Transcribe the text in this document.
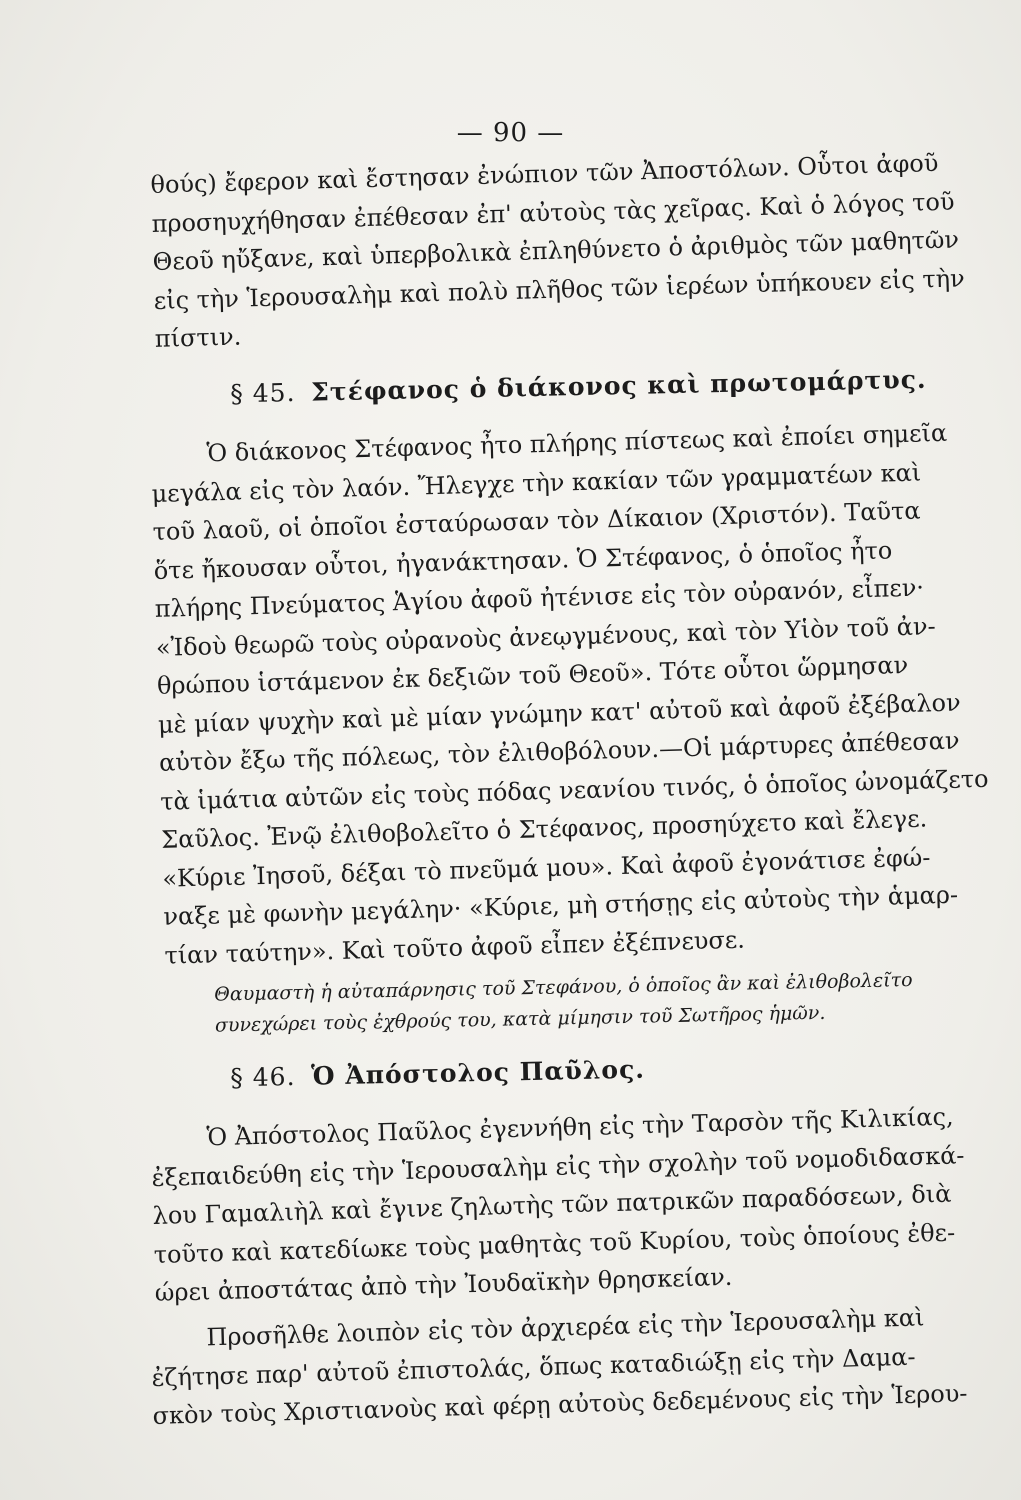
— 90 —

θούς) ἔφερον καὶ ἔστησαν ἐνώπιον τῶν Ἀποστόλων. Οὗτοι ἀφοῦ
προσηυχήθησαν ἐπέθεσαν ἐπ' αὐτοὺς τὰς χεῖρας. Καὶ ὁ λόγος τοῦ
Θεοῦ ηὔξανε, καὶ ὑπερβολικὰ ἐπληθύνετο ὁ ἀριθμὸς τῶν μαθητῶν
εἰς τὴν Ἱερουσαλὴμ καὶ πολὺ πλῆθος τῶν ἱερέων ὑπήκουεν εἰς τὴν
πίστιν.

§ 45. Στέφανος ὁ διάκονος καὶ πρωτομάρτυς.

Ὁ διάκονος Στέφανος ἦτο πλήρης πίστεως καὶ ἐποίει σημεῖα
μεγάλα εἰς τὸν λαόν. Ἤλεγχε τὴν κακίαν τῶν γραμματέων καὶ
τοῦ λαοῦ, οἱ ὁποῖοι ἐσταύρωσαν τὸν Δίκαιον (Χριστόν). Ταῦτα
ὅτε ἤκουσαν οὗτοι, ἠγανάκτησαν. Ὁ Στέφανος, ὁ ὁποῖος ἦτο
πλήρης Πνεύματος Ἁγίου ἀφοῦ ἠτένισε εἰς τὸν οὐρανόν, εἶπεν·
«Ἰδοὺ θεωρῶ τοὺς οὐρανοὺς ἀνεῳγμένους, καὶ τὸν Υἱὸν τοῦ ἀν-
θρώπου ἱστάμενον ἐκ δεξιῶν τοῦ Θεοῦ». Τότε οὗτοι ὥρμησαν
μὲ μίαν ψυχὴν καὶ μὲ μίαν γνώμην κατ' αὐτοῦ καὶ ἀφοῦ ἐξέβαλον
αὐτὸν ἔξω τῆς πόλεως, τὸν ἐλιθοβόλουν.—Οἱ μάρτυρες ἀπέθεσαν
τὰ ἱμάτια αὐτῶν εἰς τοὺς πόδας νεανίου τινός, ὁ ὁποῖος ὠνομάζετο
Σαῦλος. Ἐνῷ ἐλιθοβολεῖτο ὁ Στέφανος, προσηύχετο καὶ ἔλεγε.
«Κύριε Ἰησοῦ, δέξαι τὸ πνεῦμά μου». Καὶ ἀφοῦ ἐγονάτισε ἐφώ-
ναξε μὲ φωνὴν μεγάλην· «Κύριε, μὴ στήσῃς εἰς αὐτοὺς τὴν ἁμαρ-
τίαν ταύτην». Καὶ τοῦτο ἀφοῦ εἶπεν ἐξέπνευσε.

Θαυμαστὴ ἡ αὐταπάρνησις τοῦ Στεφάνου, ὁ ὁποῖος ἂν καὶ ἐλιθοβολεῖτο
συνεχώρει τοὺς ἐχθρούς του, κατὰ μίμησιν τοῦ Σωτῆρος ἡμῶν.
§ 46. Ὁ Ἀπόστολος Παῦλος.

Ὁ Ἀπόστολος Παῦλος ἐγεννήθη εἰς τὴν Ταρσὸν τῆς Κιλικίας,
ἐξεπαιδεύθη εἰς τὴν Ἱερουσαλὴμ εἰς τὴν σχολὴν τοῦ νομοδιδασκά-
λου Γαμαλιὴλ καὶ ἔγινε ζηλωτὴς τῶν πατρικῶν παραδόσεων, διὰ
τοῦτο καὶ κατεδίωκε τοὺς μαθητὰς τοῦ Κυρίου, τοὺς ὁποίους ἐθε-
ώρει ἀποστάτας ἀπὸ τὴν Ἰουδαϊκὴν θρησκείαν.

Προσῆλθε λοιπὸν εἰς τὸν ἀρχιερέα εἰς τὴν Ἱερουσαλὴμ καὶ
ἐζήτησε παρ' αὐτοῦ ἐπιστολάς, ὅπως καταδιώξῃ εἰς τὴν Δαμα-
σκὸν τοὺς Χριστιανοὺς καὶ φέρῃ αὐτοὺς δεδεμένους εἰς τὴν Ἱερου-
